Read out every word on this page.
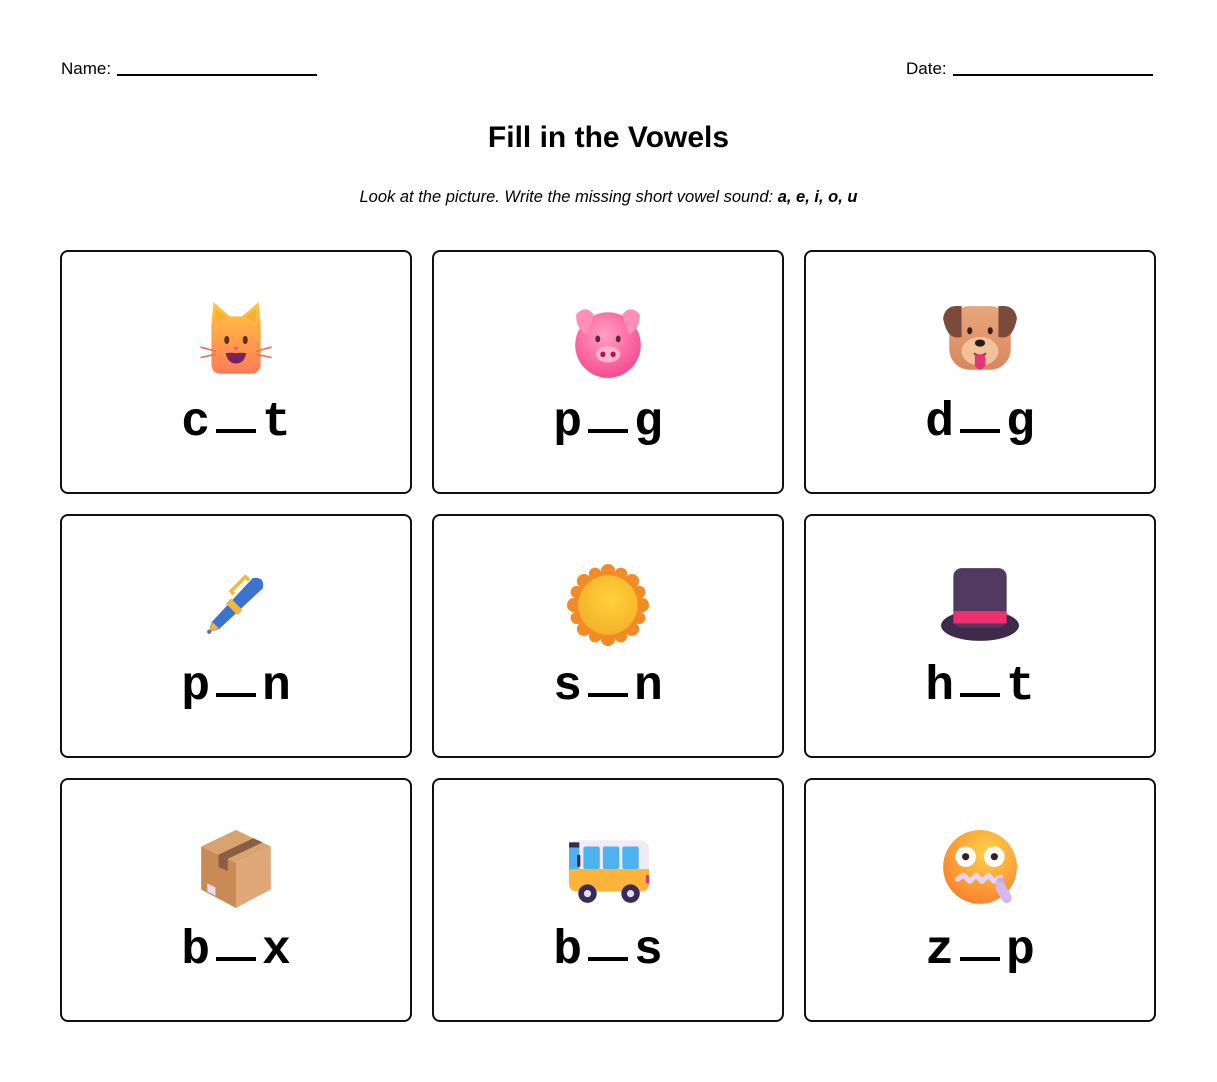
Name:	Date:
Fill in the Vowels
Look at the picture. Write the missing short vowel sound: a, e, i, o, u
c t	p g	d g
p n	s n	h t
b x	b s	z p
